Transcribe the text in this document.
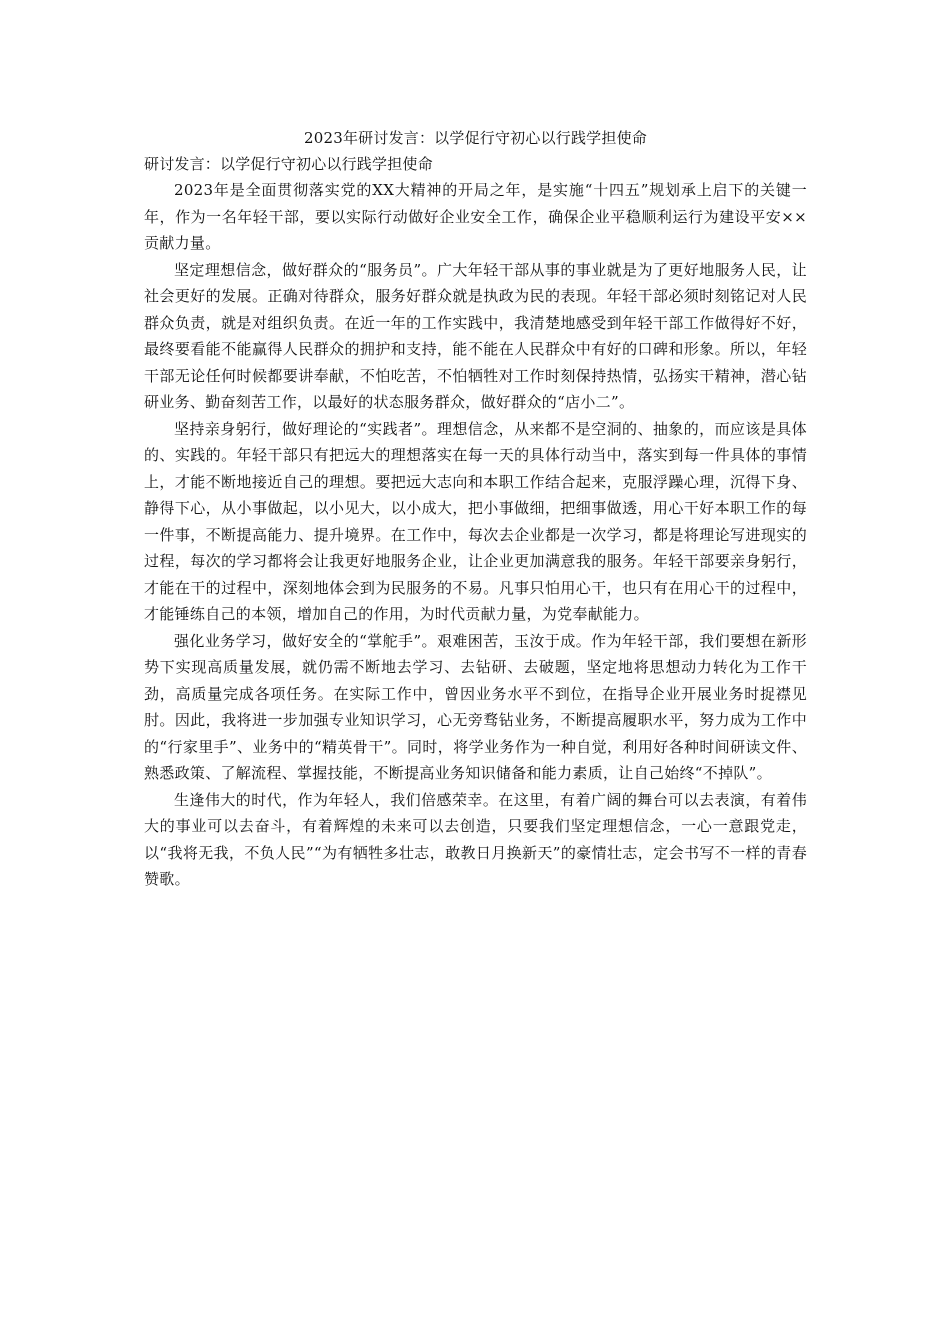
2023年研讨发言：以学促行守初心以行践学担使命

研讨发言：以学促行守初心以行践学担使命

2023年是全面贯彻落实党的XX大精神的开局之年，是实施“十四五”规划承上启下的关键一年，作为一名年轻干部，要以实际行动做好企业安全工作，确保企业平稳顺利运行为建设平安××贡献力量。

坚定理想信念，做好群众的“服务员”。广大年轻干部从事的事业就是为了更好地服务人民，让社会更好的发展。正确对待群众，服务好群众就是执政为民的表现。年轻干部必须时刻铭记对人民群众负责，就是对组织负责。在近一年的工作实践中，我清楚地感受到年轻干部工作做得好不好，最终要看能不能赢得人民群众的拥护和支持，能不能在人民群众中有好的口碑和形象。所以，年轻干部无论任何时候都要讲奉献，不怕吃苦，不怕牺牲对工作时刻保持热情，弘扬实干精神，潜心钻研业务、勤奋刻苦工作，以最好的状态服务群众，做好群众的“店小二”。

坚持亲身躬行，做好理论的“实践者”。理想信念，从来都不是空洞的、抽象的，而应该是具体的、实践的。年轻干部只有把远大的理想落实在每一天的具体行动当中，落实到每一件具体的事情上，才能不断地接近自己的理想。要把远大志向和本职工作结合起来，克服浮躁心理，沉得下身、静得下心，从小事做起，以小见大，以小成大，把小事做细，把细事做透，用心干好本职工作的每一件事，不断提高能力、提升境界。在工作中，每次去企业都是一次学习，都是将理论写进现实的过程，每次的学习都将会让我更好地服务企业，让企业更加满意我的服务。年轻干部要亲身躬行，才能在干的过程中，深刻地体会到为民服务的不易。凡事只怕用心干，也只有在用心干的过程中，才能锤练自己的本领，增加自己的作用，为时代贡献力量，为党奉献能力。

强化业务学习，做好安全的“掌舵手”。艰难困苦，玉汝于成。作为年轻干部，我们要想在新形势下实现高质量发展，就仍需不断地去学习、去钻研、去破题，坚定地将思想动力转化为工作干劲，高质量完成各项任务。在实际工作中，曾因业务水平不到位，在指导企业开展业务时捉襟见肘。因此，我将进一步加强专业知识学习，心无旁骛钻业务，不断提高履职水平，努力成为工作中的“行家里手”、业务中的“精英骨干”。同时，将学业务作为一种自觉，利用好各种时间研读文件、熟悉政策、了解流程、掌握技能，不断提高业务知识储备和能力素质，让自己始终“不掉队”。

生逢伟大的时代，作为年轻人，我们倍感荣幸。在这里，有着广阔的舞台可以去表演，有着伟大的事业可以去奋斗，有着辉煌的未来可以去创造，只要我们坚定理想信念，一心一意跟党走，以“我将无我，不负人民”“为有牺牲多壮志，敢教日月换新天”的豪情壮志，定会书写不一样的青春赞歌。
